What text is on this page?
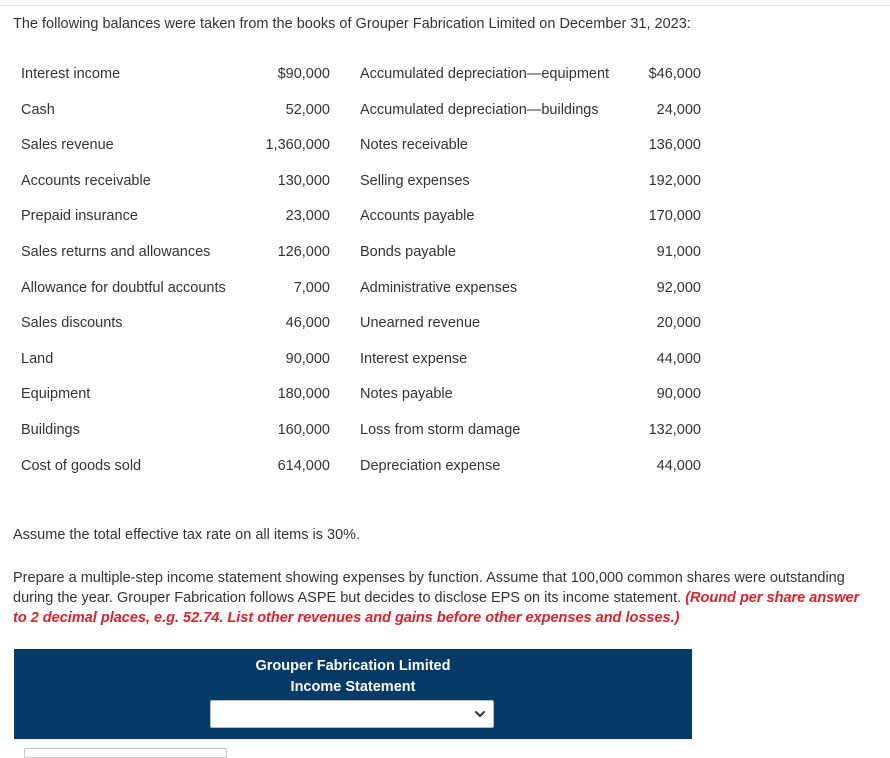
The following balances were taken from the books of Grouper Fabrication Limited on December 31, 2023:
Interest income	$90,000 Accumulated depreciation—equipment	$46,000
Cash	52,000 Accumulated depreciation—buildings	24,000
Sales revenue	1,360,000 Notes receivable	136,000
Accounts receivable	130,000 Selling expenses	192,000
Prepaid insurance	23,000 Accounts payable	170,000
Sales returns and allowances	126,000 Bonds payable	91,000
Allowance for doubtful accounts	7,000 Administrative expenses	92,000
Sales discounts	46,000 Unearned revenue	20,000
Land	90,000 Interest expense	44,000
Equipment	180,000 Notes payable	90,000
Buildings	160,000 Loss from storm damage	132,000
Cost of goods sold	614,000 Depreciation expense	44,000
Assume the total effective tax rate on all items is 30%.
Prepare a multiple-step income statement showing expenses by function. Assume that 100,000 common shares were outstanding during the year. Grouper Fabrication follows ASPE but decides to disclose EPS on its income statement. (Round per share answer to 2 decimal places, e.g. 52.74. List other revenues and gains before other expenses and losses.)
Grouper Fabrication Limited
Income Statement
